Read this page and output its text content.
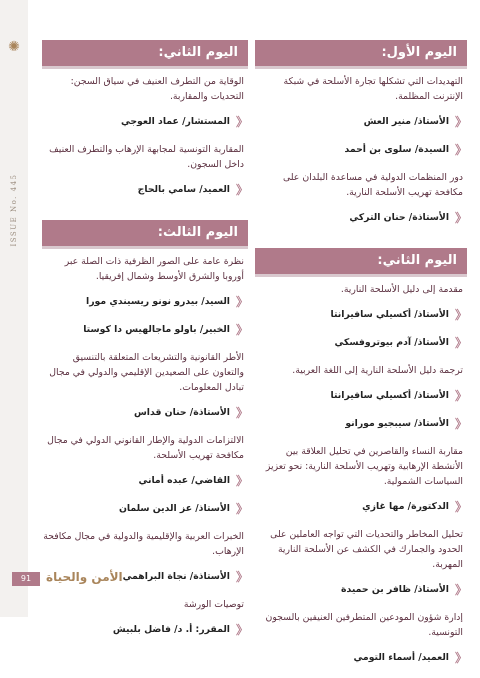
✺
ISSUE No. 445
اليوم الأول:
التهديدات التي تشكلها تجارة الأسلحة في شبكة الإنترنت المظلمة.
《
الأستاذ/ منير العش
《
السيدة/ سلوى بن أحمد
دور المنظمات الدولية في مساعدة البلدان على مكافحة تهريب الأسلحة النارية.
《
الأستاذة/ حنان التركي
اليوم الثاني:
مقدمة إلى دليل الأسلحة النارية.
《
الأستاذ/ أكسيلي سافيرانتا
《
الأستاذ/ آدم بيوتروفسكي
ترجمة دليل الأسلحة النارية إلى اللغة العربية.
《
الأستاذ/ أكسيلي سافيرانتا
《
الأستاذ/ سيبجيو مورانو
مقاربة النساء والقاصرين في تحليل العلاقة بين الأنشطة الإرهابية وتهريب الأسلحة النارية: نحو تعزيز السياسات الشمولية.
《
الدكتورة/ مها غازي
تحليل المخاطر والتحديات التي تواجه العاملين على الحدود والجمارك في الكشف عن الأسلحة النارية المهربة.
《
الأستاذ/ ظافر بن حميدة
إدارة شؤون المودعين المتطرفين العنيفين بالسجون التونسية.
《
العميد/ أسماء التومي
اليوم الثاني:
الوقاية من التطرف العنيف في سياق السجن: التحديات والمقاربة.
《
المستشار/ عماد العوجي
المقاربة التونسية لمجابهة الإرهاب والتطرف العنيف داخل السجون.
《
العميد/ سامي بالحاج
اليوم الثالث:
نظرة عامة على الصور الظرفية ذات الصلة عبر أوروبا والشرق الأوسط وشمال إفريقيا.
《
السيد/ بيدرو نونو ريسيندي مورا
《
الخبير/ باولو ماجالهيس دا كوستا
الأطر القانونية والتشريعات المتعلقة بالتنسيق والتعاون على الصعيدين الإقليمي والدولي في مجال تبادل المعلومات.
《
الأستاذة/ حنان قداس
الالتزامات الدولية والإطار القانوني الدولي في مجال مكافحة تهريب الأسلحة.
《
القاضي/ عبده أماني
《
الأستاذ/ عز الدين سلمان
الخبرات العربية والإقليمية والدولية في مجال مكافحة الإرهاب.
《
الأستاذة/ نجاة البراهمي
توصيات الورشة
《
المقرر: أ. د/ فاضل بلبيش
91	الأمن والحياة
